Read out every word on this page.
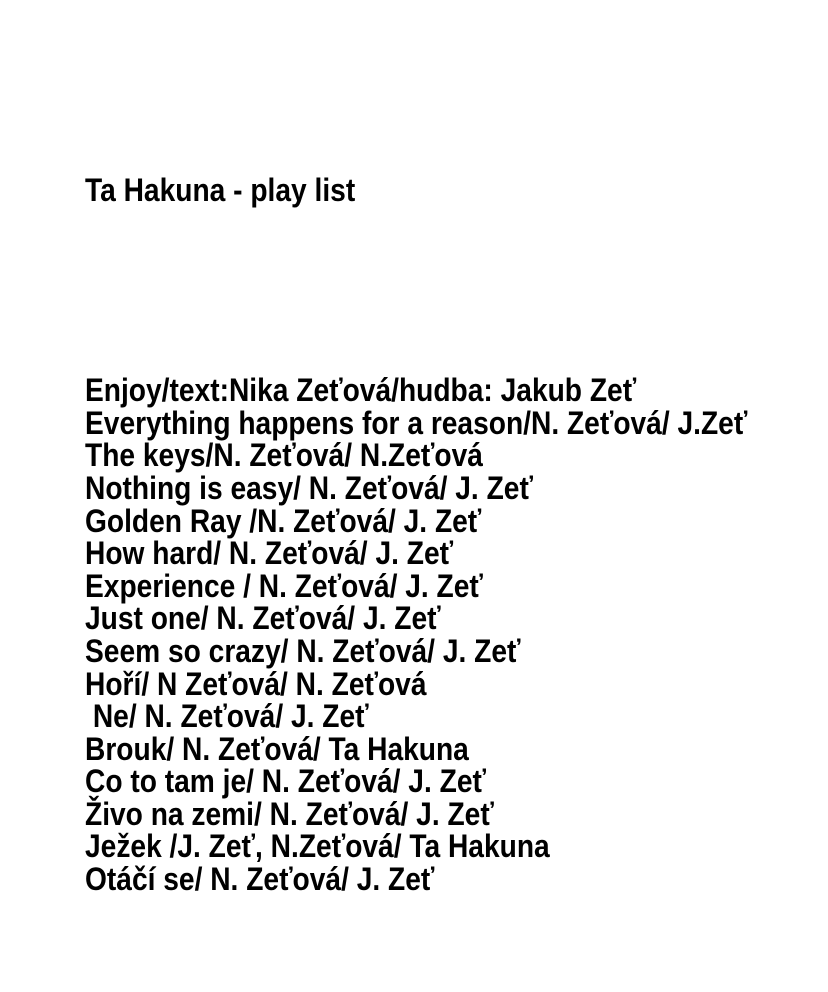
Ta Hakuna - play list

Enjoy/text:Nika Zeťová/hudba: Jakub Zeť
Everything happens for a reason/N. Zeťová/ J.Zeť
The keys/N. Zeťová/ N.Zeťová
Nothing is easy/ N. Zeťová/ J. Zeť
Golden Ray /N. Zeťová/ J. Zeť
How hard/ N. Zeťová/ J. Zeť
Experience / N. Zeťová/ J. Zeť
Just one/ N. Zeťová/ J. Zeť
Seem so crazy/ N. Zeťová/ J. Zeť
Hoří/ N Zeťová/ N. Zeťová
Ne/ N. Zeťová/ J. Zeť
Brouk/ N. Zeťová/ Ta Hakuna
Co to tam je/ N. Zeťová/ J. Zeť
Živo na zemi/ N. Zeťová/ J. Zeť
Ježek /J. Zeť, N.Zeťová/ Ta Hakuna
Otáčí se/ N. Zeťová/ J. Zeť
